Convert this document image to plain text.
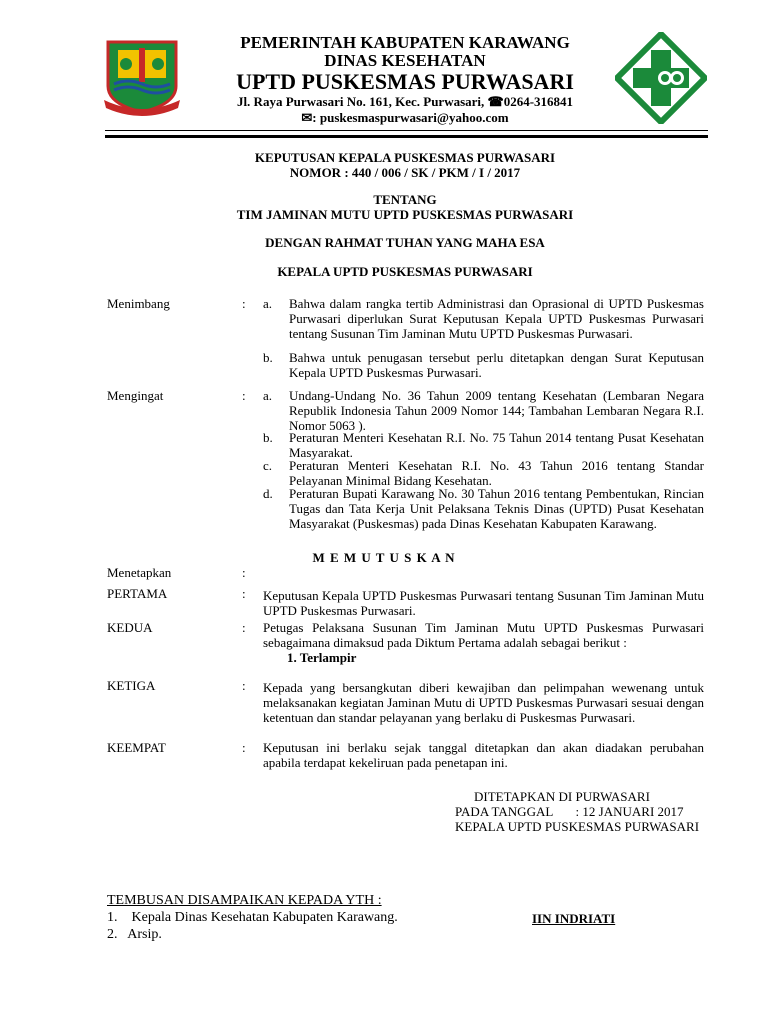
PEMERINTAH KABUPATEN KARAWANG
DINAS KESEHATAN
UPTD PUSKESMAS PURWASARI
Jl. Raya Purwasari No. 161, Kec. Purwasari, ☎0264-316841
✉: puskesmaspurwasari@yahoo.com
KEPUTUSAN KEPALA PUSKESMAS PURWASARI
NOMOR : 440 / 006 / SK / PKM / I / 2017
TENTANG
TIM JAMINAN MUTU UPTD PUSKESMAS PURWASARI
DENGAN RAHMAT TUHAN YANG MAHA ESA
KEPALA UPTD PUSKESMAS PURWASARI
Menimbang	: a. Bahwa dalam rangka tertib Administrasi dan Oprasional di UPTD Puskesmas Purwasari diperlukan Surat Keputusan Kepala UPTD Puskesmas Purwasari tentang Susunan Tim Jaminan Mutu UPTD Puskesmas Purwasari.
b. Bahwa untuk penugasan tersebut perlu ditetapkan dengan Surat Keputusan Kepala UPTD Puskesmas Purwasari.
Mengingat	: a. Undang-Undang No. 36 Tahun 2009 tentang Kesehatan (Lembaran Negara Republik Indonesia Tahun 2009 Nomor 144; Tambahan Lembaran Negara R.I. Nomor 5063 ).
b. Peraturan Menteri Kesehatan R.I. No. 75 Tahun 2014 tentang Pusat Kesehatan Masyarakat.
c. Peraturan Menteri Kesehatan R.I. No. 43 Tahun 2016 tentang Standar Pelayanan Minimal Bidang Kesehatan.
d. Peraturan Bupati Karawang No. 30 Tahun 2016 tentang Pembentukan, Rincian Tugas dan Tata Kerja Unit Pelaksana Teknis Dinas (UPTD) Pusat Kesehatan Masyarakat (Puskesmas) pada Dinas Kesehatan Kabupaten Karawang.
M E M U T U S K A N
Menetapkan	:
PERTAMA	: Keputusan Kepala UPTD Puskesmas Purwasari tentang Susunan Tim Jaminan Mutu UPTD Puskesmas Purwasari.
KEDUA	: Petugas Pelaksana Susunan Tim Jaminan Mutu UPTD Puskesmas Purwasari sebagaimana dimaksud pada Diktum Pertama adalah sebagai berikut :
1. Terlampir
KETIGA	: Kepada yang bersangkutan diberi kewajiban dan pelimpahan wewenang untuk melaksanakan kegiatan Jaminan Mutu di UPTD Puskesmas Purwasari sesuai dengan ketentuan dan standar pelayanan yang berlaku di Puskesmas Purwasari.
KEEMPAT	: Keputusan ini berlaku sejak tanggal ditetapkan dan akan diadakan perubahan apabila terdapat kekeliruan pada penetapan ini.
DITETAPKAN DI PURWASARI
PADA TANGGAL       : 12 JANUARI 2017
KEPALA UPTD PUSKESMAS PURWASARI
IIN INDRIATI
TEMBUSAN DISAMPAIKAN KEPADA YTH :
1.    Kepala Dinas Kesehatan Kabupaten Karawang.
2.   Arsip.
